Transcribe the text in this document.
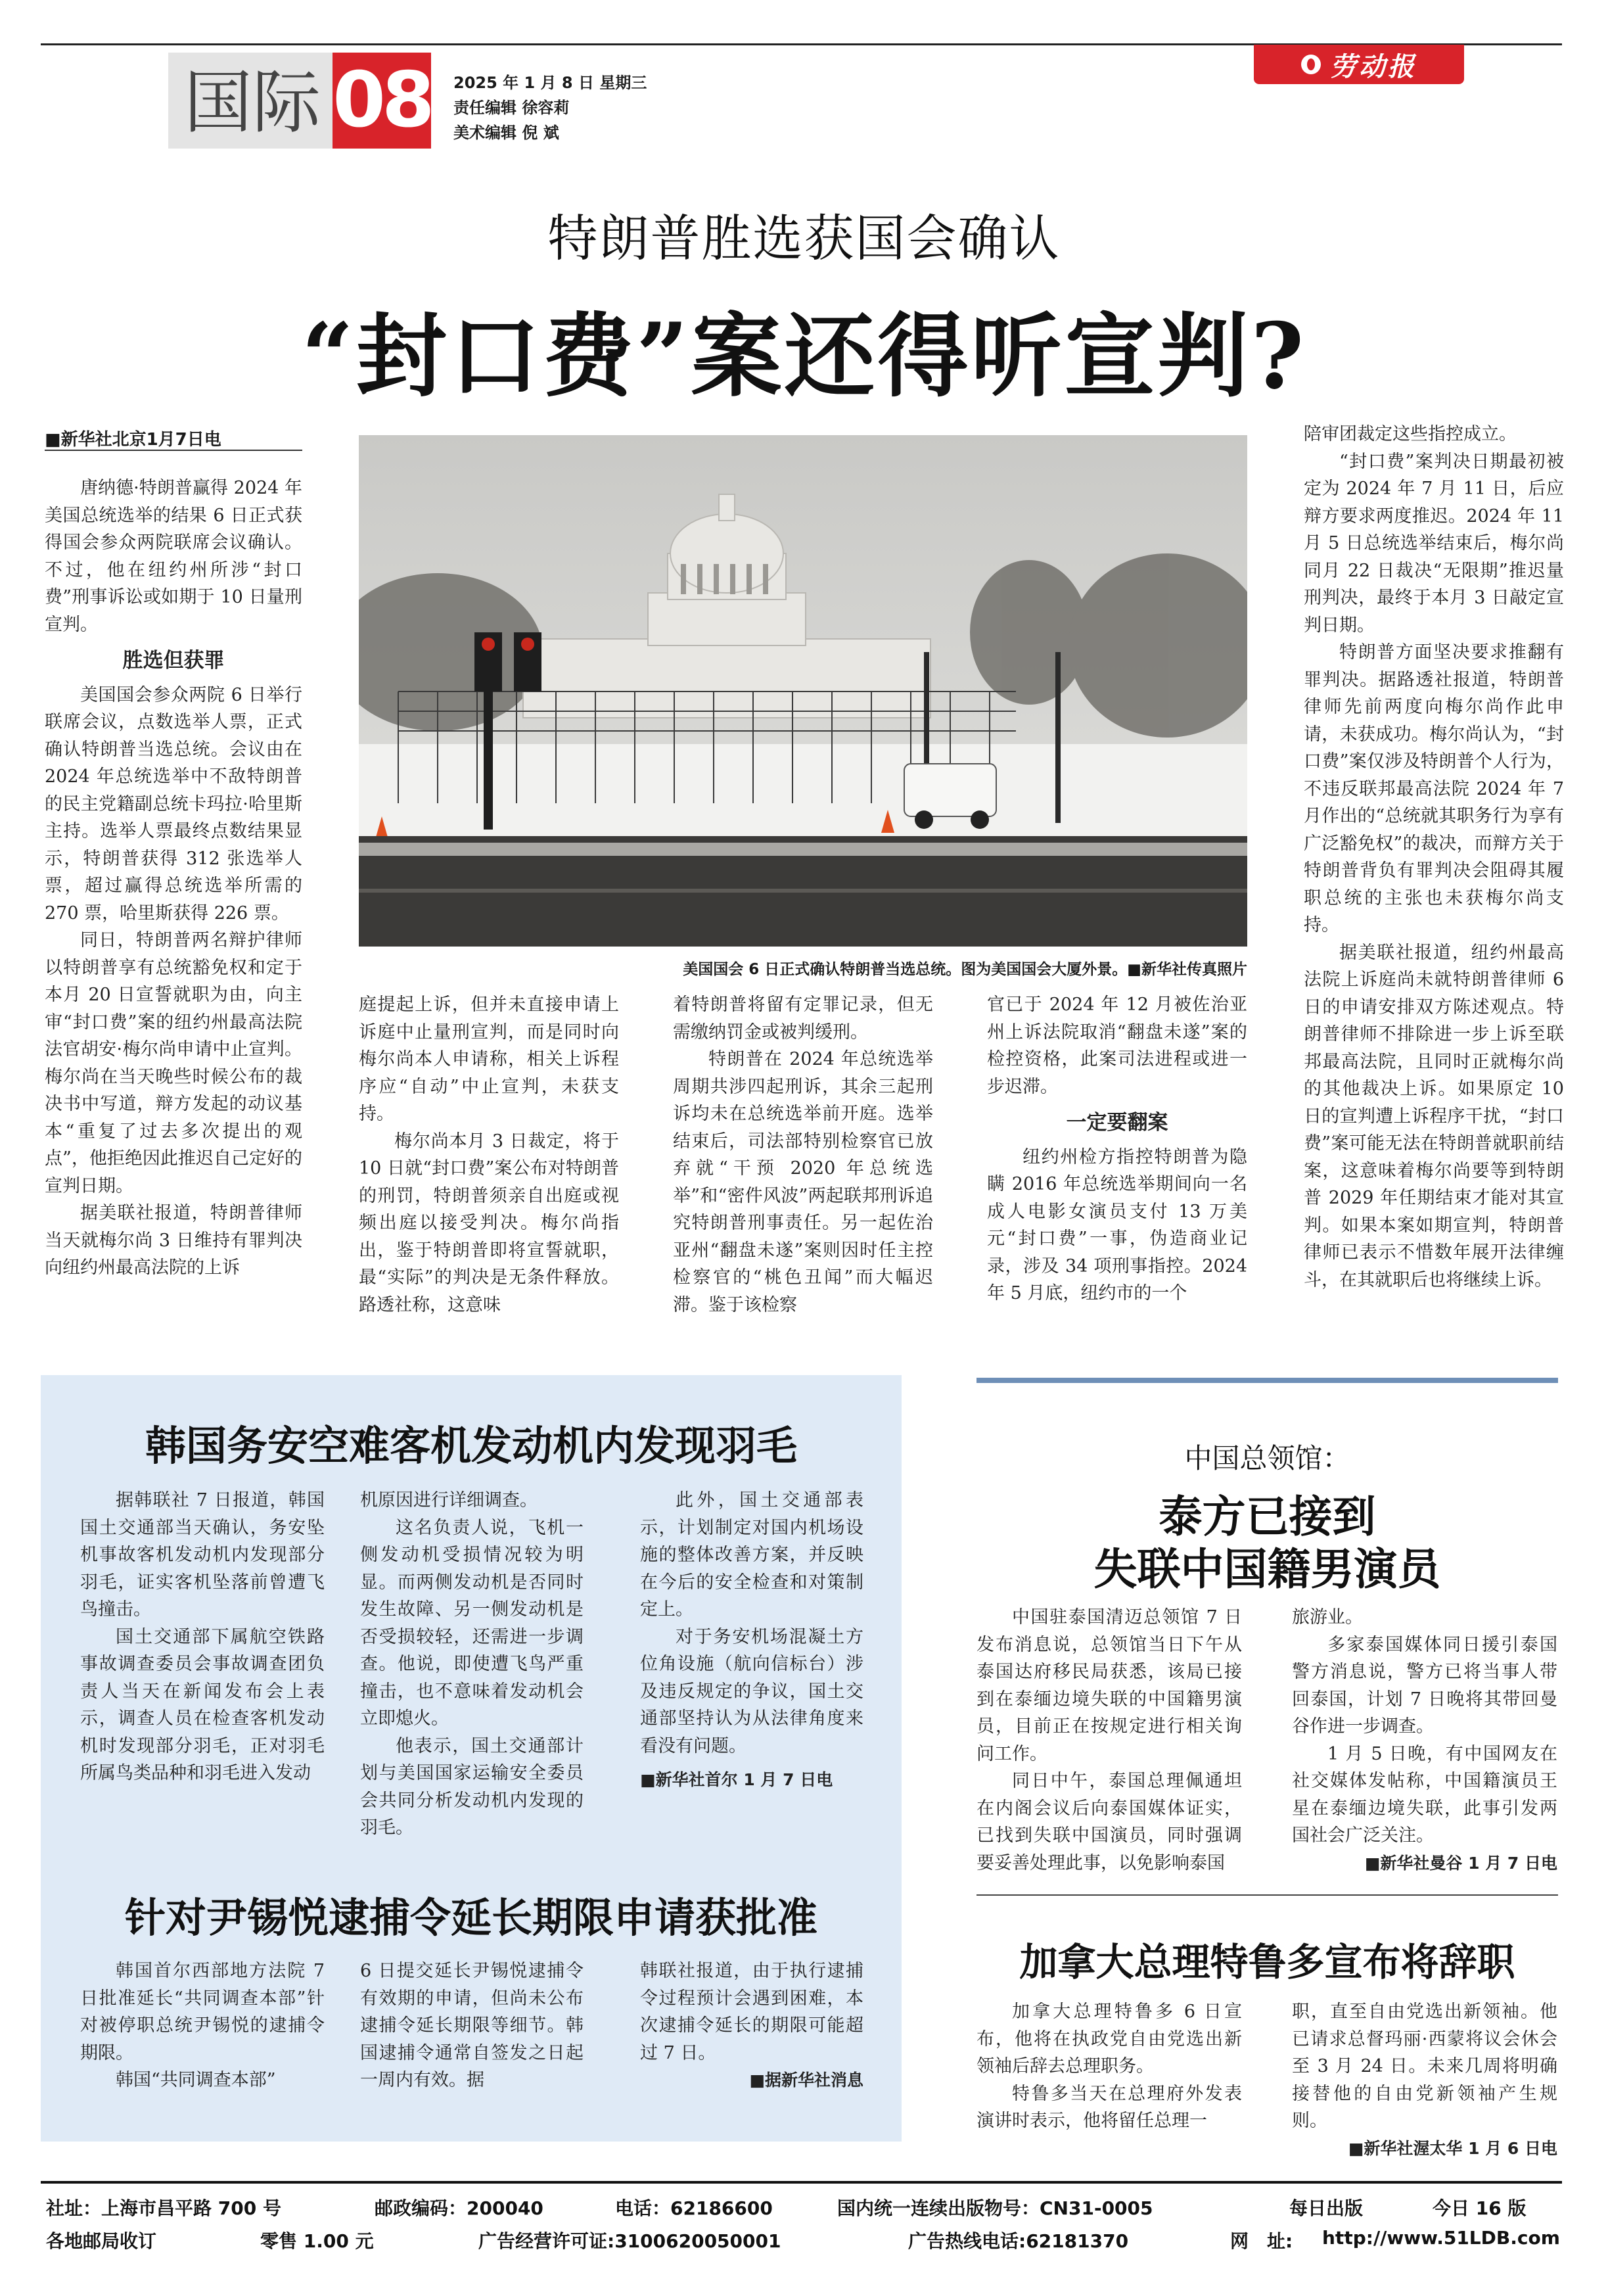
国际 08 2025 年 1 月 8 日 星期三
责任编辑 徐容莉
美术编辑 倪 斌
劳动报
特朗普胜选获国会确认
“封口费”案还得听宣判?
■新华社北京1月7日电

唐纳德·特朗普赢得 2024 年美国总统选举的结果 6 日正式获得国会参众两院联席会议确认。不过，他在纽约州所涉“封口费”刑事诉讼或如期于 10 日量刑宣判。

胜选但获罪

美国国会参众两院 6 日举行联席会议，点数选举人票，正式确认特朗普当选总统。会议由在 2024 年总统选举中不敌特朗普的民主党籍副总统卡玛拉·哈里斯主持。选举人票最终点数结果显示，特朗普获得 312 张选举人票，超过赢得总统选举所需的 270 票，哈里斯获得 226 票。

同日，特朗普两名辩护律师以特朗普享有总统豁免权和定于本月 20 日宣誓就职为由，向主审“封口费”案的纽约州最高法院法官胡安·梅尔尚申请中止宣判。梅尔尚在当天晚些时候公布的裁决书中写道，辩方发起的动议基本“重复了过去多次提出的观点”，他拒绝因此推迟自己定好的宣判日期。

据美联社报道，特朗普律师当天就梅尔尚 3 日维持有罪判决向纽约州最高法院的上诉

美国国会 6 日正式确认特朗普当选总统。图为美国国会大厦外景。■新华社传真照片

庭提起上诉，但并未直接申请上诉庭中止量刑宣判，而是同时向梅尔尚本人申请称，相关上诉程序应“自动”中止宣判，未获支持。

梅尔尚本月 3 日裁定，将于 10 日就“封口费”案公布对特朗普的刑罚，特朗普须亲自出庭或视频出庭以接受判决。梅尔尚指出，鉴于特朗普即将宣誓就职，最“实际”的判决是无条件释放。路透社称，这意味

着特朗普将留有定罪记录，但无需缴纳罚金或被判缓刑。

特朗普在 2024 年总统选举周期共涉四起刑诉，其余三起刑诉均未在总统选举前开庭。选举结束后，司法部特别检察官已放弃就“干预 2020 年总统选举”和“密件风波”两起联邦刑诉追究特朗普刑事责任。另一起佐治亚州“翻盘未遂”案则因时任主控检察官的“桃色丑闻”而大幅迟滞。鉴于该检察

官已于 2024 年 12 月被佐治亚州上诉法院取消“翻盘未遂”案的检控资格，此案司法进程或进一步迟滞。

一定要翻案

纽约州检方指控特朗普为隐瞒 2016 年总统选举期间向一名成人电影女演员支付 13 万美元“封口费”一事，伪造商业记录，涉及 34 项刑事指控。2024 年 5 月底，纽约市的一个

陪审团裁定这些指控成立。

“封口费”案判决日期最初被定为 2024 年 7 月 11 日，后应辩方要求两度推迟。2024 年 11 月 5 日总统选举结束后，梅尔尚同月 22 日裁决“无限期”推迟量刑判决，最终于本月 3 日敲定宣判日期。

特朗普方面坚决要求推翻有罪判决。据路透社报道，特朗普律师先前两度向梅尔尚作此申请，未获成功。梅尔尚认为，“封口费”案仅涉及特朗普个人行为，不违反联邦最高法院 2024 年 7 月作出的“总统就其职务行为享有广泛豁免权”的裁决，而辩方关于特朗普背负有罪判决会阻碍其履职总统的主张也未获梅尔尚支持。

据美联社报道，纽约州最高法院上诉庭尚未就特朗普律师 6 日的申请安排双方陈述观点。特朗普律师不排除进一步上诉至联邦最高法院，且同时正就梅尔尚的其他裁决上诉。如果原定 10 日的宣判遭上诉程序干扰，“封口费”案可能无法在特朗普就职前结案，这意味着梅尔尚要等到特朗普 2029 年任期结束才能对其宣判。如果本案如期宣判，特朗普律师已表示不惜数年展开法律缠斗，在其就职后也将继续上诉。

韩国务安空难客机发动机内发现羽毛

据韩联社 7 日报道，韩国国土交通部当天确认，务安坠机事故客机发动机内发现部分羽毛，证实客机坠落前曾遭飞鸟撞击。

国土交通部下属航空铁路事故调查委员会事故调查团负责人当天在新闻发布会上表示，调查人员在检查客机发动机时发现部分羽毛，正对羽毛所属鸟类品种和羽毛进入发动

机原因进行详细调查。

这名负责人说，飞机一侧发动机受损情况较为明显。而两侧发动机是否同时发生故障、另一侧发动机是否受损较轻，还需进一步调查。他说，即使遭飞鸟严重撞击，也不意味着发动机会立即熄火。

他表示，国土交通部计划与美国国家运输安全委员会共同分析发动机内发现的羽毛。

此外，国土交通部表示，计划制定对国内机场设施的整体改善方案，并反映在今后的安全检查和对策制定上。

对于务安机场混凝土方位角设施（航向信标台）涉及违反规定的争议，国土交通部坚持认为从法律角度来看没有问题。

■新华社首尔 1 月 7 日电

针对尹锡悦逮捕令延长期限申请获批准

韩国首尔西部地方法院 7 日批准延长“共同调查本部”针对被停职总统尹锡悦的逮捕令期限。

韩国“共同调查本部”

6 日提交延长尹锡悦逮捕令有效期的申请，但尚未公布逮捕令延长期限等细节。韩国逮捕令通常自签发之日起一周内有效。据

韩联社报道，由于执行逮捕令过程预计会遇到困难，本次逮捕令延长的期限可能超过 7 日。

■据新华社消息

中国总领馆：
泰方已接到
失联中国籍男演员

中国驻泰国清迈总领馆 7 日发布消息说，总领馆当日下午从泰国达府移民局获悉，该局已接到在泰缅边境失联的中国籍男演员，目前正在按规定进行相关询问工作。

同日中午，泰国总理佩通坦在内阁会议后向泰国媒体证实，已找到失联中国演员，同时强调要妥善处理此事，以免影响泰国

旅游业。

多家泰国媒体同日援引泰国警方消息说，警方已将当事人带回泰国，计划 7 日晚将其带回曼谷作进一步调查。

1 月 5 日晚，有中国网友在社交媒体发帖称，中国籍演员王星在泰缅边境失联，此事引发两国社会广泛关注。

■新华社曼谷 1 月 7 日电

加拿大总理特鲁多宣布将辞职

加拿大总理特鲁多 6 日宣布，他将在执政党自由党选出新领袖后辞去总理职务。

特鲁多当天在总理府外发表演讲时表示，他将留任总理一

职，直至自由党选出新领袖。他已请求总督玛丽·西蒙将议会休会至 3 月 24 日。未来几周将明确接替他的自由党新领袖产生规则。

■新华社渥太华 1 月 6 日电

社址：上海市昌平路 700 号	邮政编码：200040	电话：62186600	国内统一连续出版物号：CN31-0005	每日出版	今日 16 版
各地邮局收订	零售 1.00 元	广告经营许可证:3100620050001	广告热线电话:62181370	网　址: http://www.51LDB.com
